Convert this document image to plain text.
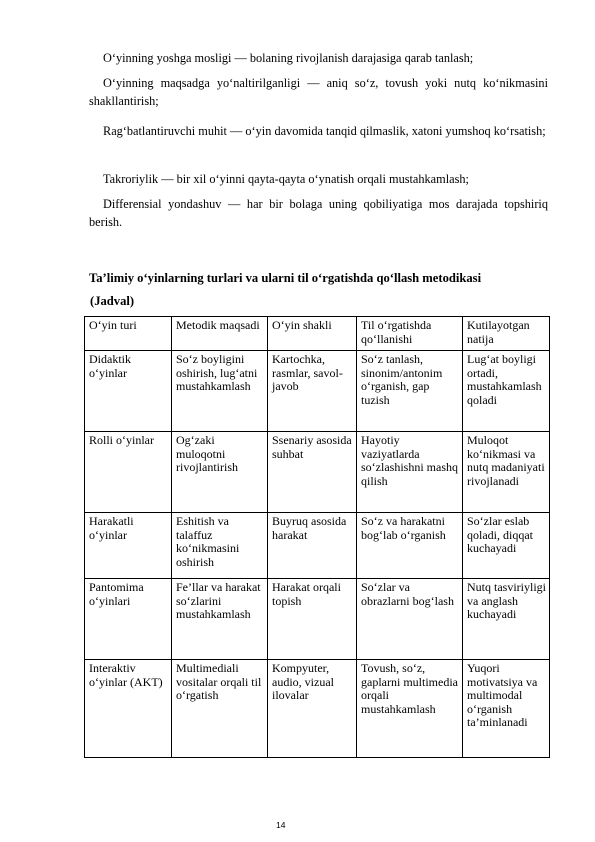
O‘yinning yoshga mosligi — bolaning rivojlanish darajasiga qarab tanlash;

O‘yinning maqsadga yo‘naltirilganligi — aniq so‘z, tovush yoki nutq ko‘nikmasini shakllantirish;

Rag‘batlantiruvchi muhit — o‘yin davomida tanqid qilmaslik, xatoni yumshoq ko‘rsatish;

Takroriylik — bir xil o‘yinni qayta-qayta o‘ynatish orqali mustahkamlash;

Differensial yondashuv — har bir bolaga uning qobiliyatiga mos darajada topshiriq berish.

Ta’limiy o‘yinlarning turlari va ularni til o‘rgatishda qo‘llash metodikasi

(Jadval)

O‘yin turi	Metodik maqsadi	O‘yin shakli	Til o‘rgatishda qo‘llanishi	Kutilayotgan natija
Didaktik o‘yinlar	So‘z boyligini oshirish, lug‘atni mustahkamlash	Kartochka, rasmlar, savol-javob	So‘z tanlash, sinonim/antonim o‘rganish, gap tuzish	Lug‘at boyligi ortadi, mustahkamlash qoladi
Rolli o‘yinlar	Og‘zaki muloqotni rivojlantirish	Ssenariy asosida suhbat	Hayotiy vaziyatlarda so‘zlashishni mashq qilish	Muloqot ko‘nikmasi va nutq madaniyati rivojlanadi
Harakatli o‘yinlar	Eshitish va talaffuz ko‘nikmasini oshirish	Buyruq asosida harakat	So‘z va harakatni bog‘lab o‘rganish	So‘zlar eslab qoladi, diqqat kuchayadi
Pantomima o‘yinlari	Fe’llar va harakat so‘zlarini mustahkamlash	Harakat orqali topish	So‘zlar va obrazlarni bog‘lash	Nutq tasviriyligi va anglash kuchayadi
Interaktiv o‘yinlar (AKT)	Multimediali vositalar orqali til o‘rgatish	Kompyuter, audio, vizual ilovalar	Tovush, so‘z, gaplarni multimedia orqali mustahkamlash	Yuqori motivatsiya va multimodal o‘rganish ta’minlanadi
14
